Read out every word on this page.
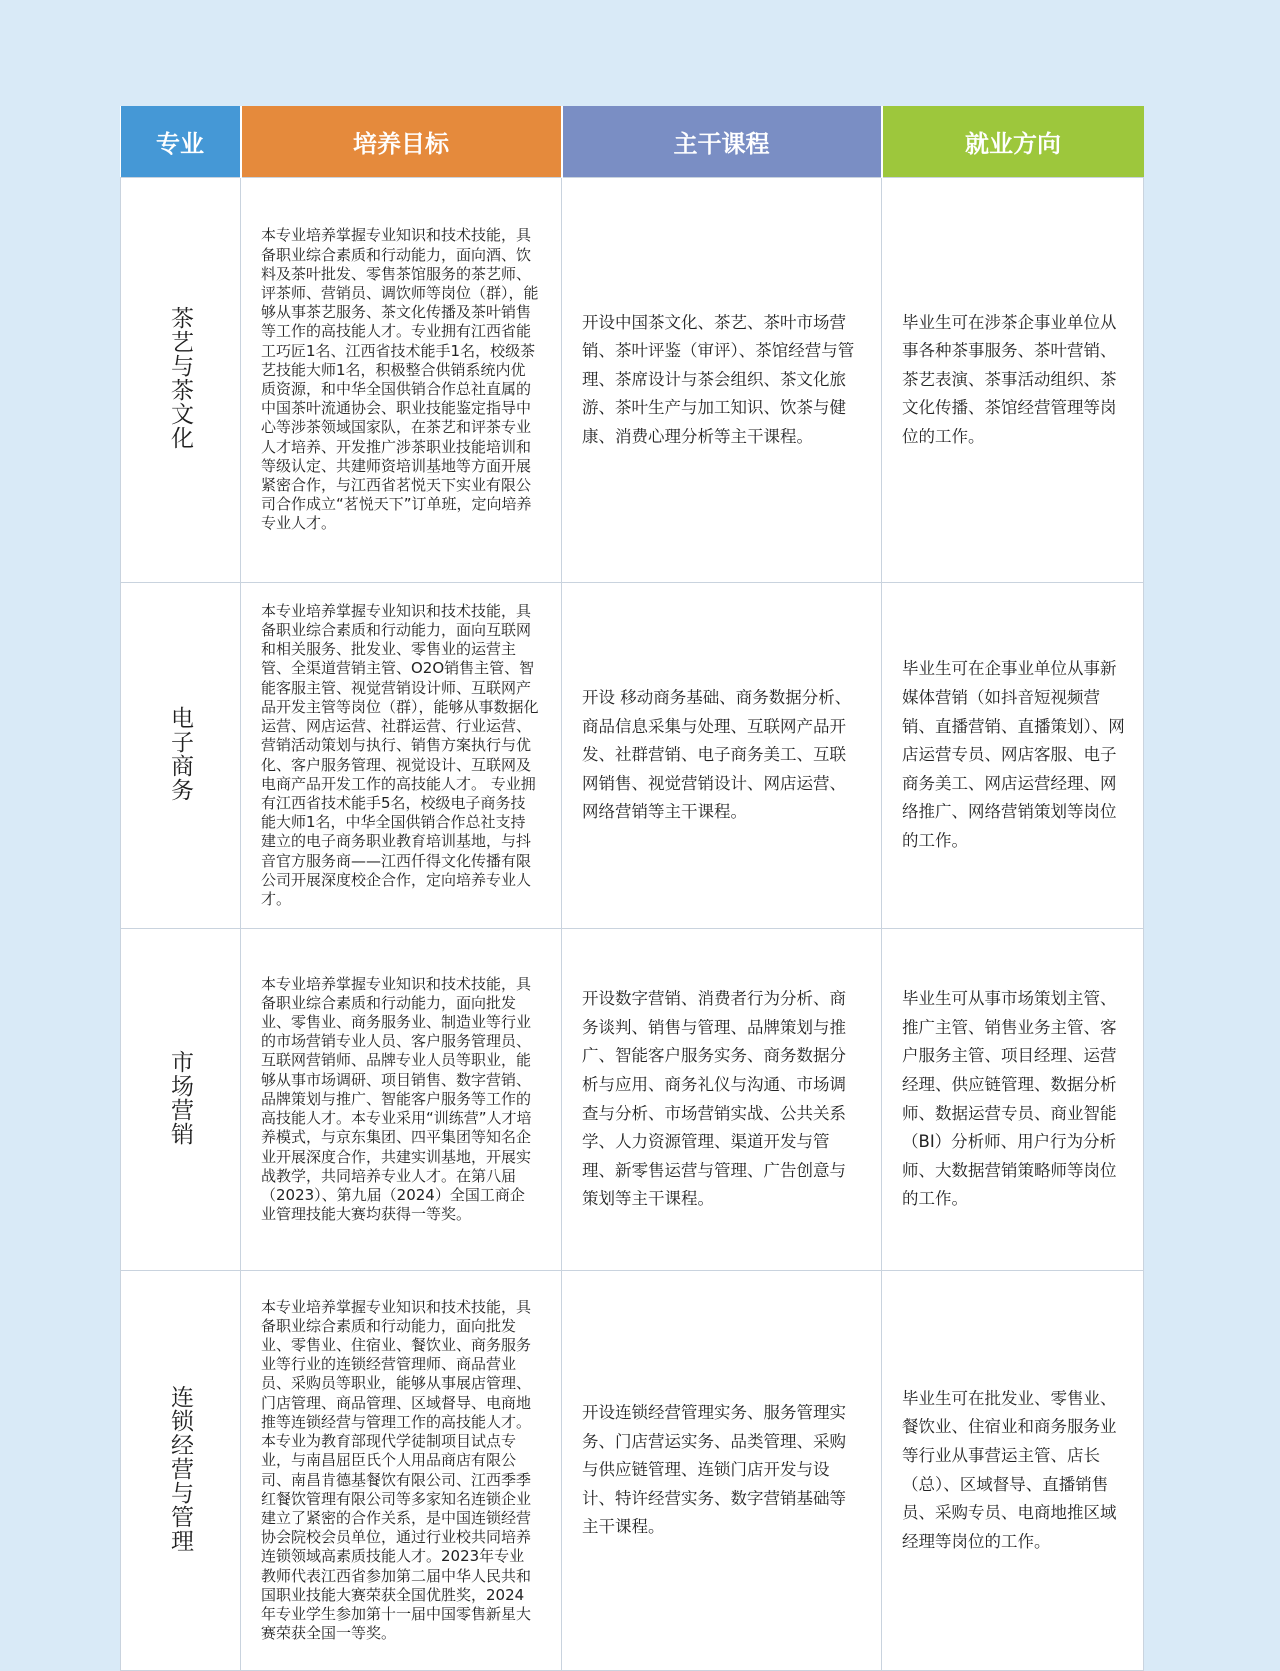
专业	培养目标	主干课程	就业方向
茶艺与茶文化	本专业培养掌握专业知识和技术技能，具备职业综合素质和行动能力，面向酒、饮料及茶叶批发、零售茶馆服务的茶艺师、评茶师、营销员、调饮师等岗位（群），能够从事茶艺服务、茶文化传播及茶叶销售等工作的高技能人才。专业拥有江西省能工巧匠1名、江西省技术能手1名，校级茶艺技能大师1名，积极整合供销系统内优质资源，和中华全国供销合作总社直属的中国茶叶流通协会、职业技能鉴定指导中心等涉茶领域国家队，在茶艺和评茶专业人才培养、开发推广涉茶职业技能培训和等级认定、共建师资培训基地等方面开展紧密合作，与江西省茗悦天下实业有限公司合作成立“茗悦天下”订单班，定向培养专业人才。	开设中国茶文化、茶艺、茶叶市场营销、茶叶评鉴（审评）、茶馆经营与管理、茶席设计与茶会组织、茶文化旅游、茶叶生产与加工知识、饮茶与健康、消费心理分析等主干课程。	毕业生可在涉茶企事业单位从事各种茶事服务、茶叶营销、茶艺表演、茶事活动组织、茶文化传播、茶馆经营管理等岗位的工作。
电子商务	本专业培养掌握专业知识和技术技能，具备职业综合素质和行动能力，面向互联网和相关服务、批发业、零售业的运营主管、全渠道营销主管、O2O销售主管、智能客服主管、视觉营销设计师、互联网产品开发主管等岗位（群），能够从事数据化运营、网店运营、社群运营、行业运营、营销活动策划与执行、销售方案执行与优化、客户服务管理、视觉设计、互联网及电商产品开发工作的高技能人才。 专业拥有江西省技术能手5名，校级电子商务技能大师1名，中华全国供销合作总社支持建立的电子商务职业教育培训基地，与抖音官方服务商——江西仟得文化传播有限公司开展深度校企合作，定向培养专业人才。	开设 移动商务基础、商务数据分析、商品信息采集与处理、互联网产品开发、社群营销、电子商务美工、互联网销售、视觉营销设计、网店运营、网络营销等主干课程。	毕业生可在企事业单位从事新媒体营销（如抖音短视频营销、直播营销、直播策划）、网店运营专员、网店客服、电子商务美工、网店运营经理、网络推广、网络营销策划等岗位的工作。
市场营销	本专业培养掌握专业知识和技术技能，具备职业综合素质和行动能力，面向批发业、零售业、商务服务业、制造业等行业的市场营销专业人员、客户服务管理员、互联网营销师、品牌专业人员等职业，能够从事市场调研、项目销售、数字营销、品牌策划与推广、智能客户服务等工作的高技能人才。本专业采用“训练营”人才培养模式，与京东集团、四平集团等知名企业开展深度合作，共建实训基地，开展实战教学，共同培养专业人才。在第八届（2023）、第九届（2024）全国工商企业管理技能大赛均获得一等奖。	开设数字营销、消费者行为分析、商务谈判、销售与管理、品牌策划与推广、智能客户服务实务、商务数据分析与应用、商务礼仪与沟通、市场调查与分析、市场营销实战、公共关系学、人力资源管理、渠道开发与管理、新零售运营与管理、广告创意与策划等主干课程。	毕业生可从事市场策划主管、推广主管、销售业务主管、客户服务主管、项目经理、运营经理、供应链管理、数据分析师、数据运营专员、商业智能（BI）分析师、用户行为分析师、大数据营销策略师等岗位的工作。
连锁经营与管理	本专业培养掌握专业知识和技术技能，具备职业综合素质和行动能力，面向批发业、零售业、住宿业、餐饮业、商务服务业等行业的连锁经营管理师、商品营业员、采购员等职业，能够从事展店管理、门店管理、商品管理、区域督导、电商地推等连锁经营与管理工作的高技能人才。本专业为教育部现代学徒制项目试点专业，与南昌屈臣氏个人用品商店有限公司、南昌肯德基餐饮有限公司、江西季季红餐饮管理有限公司等多家知名连锁企业建立了紧密的合作关系，是中国连锁经营协会院校会员单位，通过行业校共同培养连锁领域高素质技能人才。2023年专业教师代表江西省参加第二届中华人民共和国职业技能大赛荣获全国优胜奖，2024年专业学生参加第十一届中国零售新星大赛荣获全国一等奖。	开设连锁经营管理实务、服务管理实务、门店营运实务、品类管理、采购与供应链管理、连锁门店开发与设计、特许经营实务、数字营销基础等主干课程。	毕业生可在批发业、零售业、餐饮业、住宿业和商务服务业等行业从事营运主管、店长（总）、区域督导、直播销售员、采购专员、电商地推区域经理等岗位的工作。
